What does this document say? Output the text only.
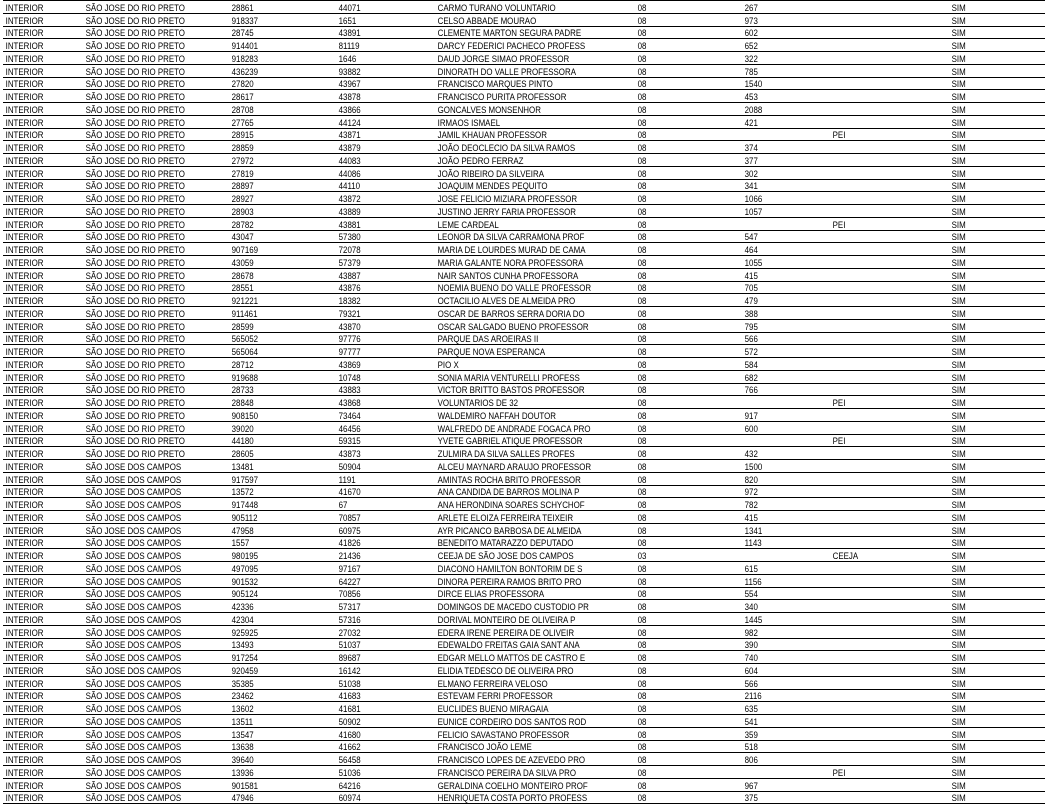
INTERIOR	SÃO JOSE DO RIO PRETO	28861	44071	CARMO TURANO VOLUNTARIO	08	267		SIM
INTERIOR	SÃO JOSE DO RIO PRETO	918337	1651	CELSO ABBADE MOURAO	08	973		SIM
INTERIOR	SÃO JOSE DO RIO PRETO	28745	43891	CLEMENTE MARTON SEGURA PADRE	08	602		SIM
INTERIOR	SÃO JOSE DO RIO PRETO	914401	81119	DARCY FEDERICI PACHECO PROFESS	08	652		SIM
INTERIOR	SÃO JOSE DO RIO PRETO	918283	1646	DAUD JORGE SIMAO PROFESSOR	08	322		SIM
INTERIOR	SÃO JOSE DO RIO PRETO	436239	93882	DINORATH DO VALLE PROFESSORA	08	785		SIM
INTERIOR	SÃO JOSE DO RIO PRETO	27820	43967	FRANCISCO MARQUES PINTO	08	1540		SIM
INTERIOR	SÃO JOSE DO RIO PRETO	28617	43878	FRANCISCO PURITA PROFESSOR	08	453		SIM
INTERIOR	SÃO JOSE DO RIO PRETO	28708	43866	GONCALVES MONSENHOR	08	2088		SIM
INTERIOR	SÃO JOSE DO RIO PRETO	27765	44124	IRMAOS ISMAEL	08	421		SIM
INTERIOR	SÃO JOSE DO RIO PRETO	28915	43871	JAMIL KHAUAN PROFESSOR	08		PEI	SIM
INTERIOR	SÃO JOSE DO RIO PRETO	28859	43879	JOÃO DEOCLECIO DA SILVA RAMOS	08	374		SIM
INTERIOR	SÃO JOSE DO RIO PRETO	27972	44083	JOÃO PEDRO FERRAZ	08	377		SIM
INTERIOR	SÃO JOSE DO RIO PRETO	27819	44086	JOÃO RIBEIRO DA SILVEIRA	08	302		SIM
INTERIOR	SÃO JOSE DO RIO PRETO	28897	44110	JOAQUIM MENDES PEQUITO	08	341		SIM
INTERIOR	SÃO JOSE DO RIO PRETO	28927	43872	JOSE FELICIO MIZIARA PROFESSOR	08	1066		SIM
INTERIOR	SÃO JOSE DO RIO PRETO	28903	43889	JUSTINO JERRY FARIA PROFESSOR	08	1057		SIM
INTERIOR	SÃO JOSE DO RIO PRETO	28782	43881	LEME CARDEAL	08		PEI	SIM
INTERIOR	SÃO JOSE DO RIO PRETO	43047	57380	LEONOR DA SILVA CARRAMONA PROF	08	547		SIM
INTERIOR	SÃO JOSE DO RIO PRETO	907169	72078	MARIA DE LOURDES MURAD DE CAMA	08	464		SIM
INTERIOR	SÃO JOSE DO RIO PRETO	43059	57379	MARIA GALANTE NORA PROFESSORA	08	1055		SIM
INTERIOR	SÃO JOSE DO RIO PRETO	28678	43887	NAIR SANTOS CUNHA PROFESSORA	08	415		SIM
INTERIOR	SÃO JOSE DO RIO PRETO	28551	43876	NOEMIA BUENO DO VALLE PROFESSOR	08	705		SIM
INTERIOR	SÃO JOSE DO RIO PRETO	921221	18382	OCTACILIO ALVES DE ALMEIDA PRO	08	479		SIM
INTERIOR	SÃO JOSE DO RIO PRETO	911461	79321	OSCAR DE BARROS SERRA DORIA DO	08	388		SIM
INTERIOR	SÃO JOSE DO RIO PRETO	28599	43870	OSCAR SALGADO BUENO PROFESSOR	08	795		SIM
INTERIOR	SÃO JOSE DO RIO PRETO	565052	97776	PARQUE DAS AROEIRAS II	08	566		SIM
INTERIOR	SÃO JOSE DO RIO PRETO	565064	97777	PARQUE NOVA ESPERANCA	08	572		SIM
INTERIOR	SÃO JOSE DO RIO PRETO	28712	43869	PIO X	08	584		SIM
INTERIOR	SÃO JOSE DO RIO PRETO	919688	10748	SONIA MARIA VENTURELLI PROFESS	08	682		SIM
INTERIOR	SÃO JOSE DO RIO PRETO	28733	43883	VICTOR BRITTO BASTOS PROFESSOR	08	766		SIM
INTERIOR	SÃO JOSE DO RIO PRETO	28848	43868	VOLUNTARIOS DE 32	08		PEI	SIM
INTERIOR	SÃO JOSE DO RIO PRETO	908150	73464	WALDEMIRO NAFFAH DOUTOR	08	917		SIM
INTERIOR	SÃO JOSE DO RIO PRETO	39020	46456	WALFREDO DE ANDRADE FOGACA PRO	08	600		SIM
INTERIOR	SÃO JOSE DO RIO PRETO	44180	59315	YVETE GABRIEL ATIQUE PROFESSOR	08		PEI	SIM
INTERIOR	SÃO JOSE DO RIO PRETO	28605	43873	ZULMIRA DA SILVA SALLES PROFES	08	432		SIM
INTERIOR	SÃO JOSE DOS CAMPOS	13481	50904	ALCEU MAYNARD ARAUJO PROFESSOR	08	1500		SIM
INTERIOR	SÃO JOSE DOS CAMPOS	917597	1191	AMINTAS ROCHA BRITO PROFESSOR	08	820		SIM
INTERIOR	SÃO JOSE DOS CAMPOS	13572	41670	ANA CANDIDA DE BARROS MOLINA P	08	972		SIM
INTERIOR	SÃO JOSE DOS CAMPOS	917448	67	ANA HERONDINA SOARES SCHYCHOF	08	782		SIM
INTERIOR	SÃO JOSE DOS CAMPOS	905112	70857	ARLETE ELOIZA FERREIRA TEIXEIR	08	415		SIM
INTERIOR	SÃO JOSE DOS CAMPOS	47958	60975	AYR PICANCO BARBOSA DE ALMEIDA	08	1341		SIM
INTERIOR	SÃO JOSE DOS CAMPOS	1557	41826	BENEDITO MATARAZZO DEPUTADO	08	1143		SIM
INTERIOR	SÃO JOSE DOS CAMPOS	980195	21436	CEEJA DE SÃO JOSE DOS CAMPOS	03		CEEJA	SIM
INTERIOR	SÃO JOSE DOS CAMPOS	497095	97167	DIACONO HAMILTON BONTORIM DE S	08	615		SIM
INTERIOR	SÃO JOSE DOS CAMPOS	901532	64227	DINORA PEREIRA RAMOS BRITO PRO	08	1156		SIM
INTERIOR	SÃO JOSE DOS CAMPOS	905124	70856	DIRCE ELIAS PROFESSORA	08	554		SIM
INTERIOR	SÃO JOSE DOS CAMPOS	42336	57317	DOMINGOS DE MACEDO CUSTODIO PR	08	340		SIM
INTERIOR	SÃO JOSE DOS CAMPOS	42304	57316	DORIVAL MONTEIRO DE OLIVEIRA P	08	1445		SIM
INTERIOR	SÃO JOSE DOS CAMPOS	925925	27032	EDERA IRENE PEREIRA DE OLIVEIR	08	982		SIM
INTERIOR	SÃO JOSE DOS CAMPOS	13493	51037	EDEWALDO FREITAS GAIA SANT ANA	08	390		SIM
INTERIOR	SÃO JOSE DOS CAMPOS	917254	89687	EDGAR MELLO MATTOS DE CASTRO E	08	740		SIM
INTERIOR	SÃO JOSE DOS CAMPOS	920459	16142	ELIDIA TEDESCO DE OLIVEIRA PRO	08	604		SIM
INTERIOR	SÃO JOSE DOS CAMPOS	35385	51038	ELMANO FERREIRA VELOSO	08	566		SIM
INTERIOR	SÃO JOSE DOS CAMPOS	23462	41683	ESTEVAM FERRI PROFESSOR	08	2116		SIM
INTERIOR	SÃO JOSE DOS CAMPOS	13602	41681	EUCLIDES BUENO MIRAGAIA	08	635		SIM
INTERIOR	SÃO JOSE DOS CAMPOS	13511	50902	EUNICE CORDEIRO DOS SANTOS ROD	08	541		SIM
INTERIOR	SÃO JOSE DOS CAMPOS	13547	41680	FELICIO SAVASTANO PROFESSOR	08	359		SIM
INTERIOR	SÃO JOSE DOS CAMPOS	13638	41662	FRANCISCO JOÃO LEME	08	518		SIM
INTERIOR	SÃO JOSE DOS CAMPOS	39640	56458	FRANCISCO LOPES DE AZEVEDO PRO	08	806		SIM
INTERIOR	SÃO JOSE DOS CAMPOS	13936	51036	FRANCISCO PEREIRA DA SILVA PRO	08		PEI	SIM
INTERIOR	SÃO JOSE DOS CAMPOS	901581	64216	GERALDINA COELHO MONTEIRO PROF	08	967		SIM
INTERIOR	SÃO JOSE DOS CAMPOS	47946	60974	HENRIQUETA COSTA PORTO PROFESS	08	375		SIM
